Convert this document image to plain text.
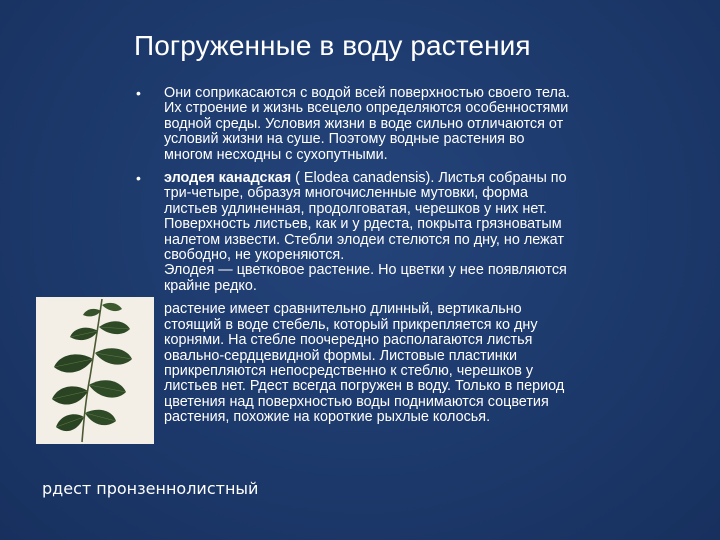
Погруженные в воду растения
• Они соприкасаются с водой всей поверхностью своего тела.
Их строение и жизнь всецело определяются особенностями
водной среды. Условия жизни в воде сильно отличаются от
условий жизни на суше. Поэтому водные растения во
многом несходны с сухопутными.
• элодея канадская ( Elodea canadensis). Листья собраны по
три-четыре, образуя многочисленные мутовки, форма
листьев удлиненная, продолговатая, черешков у них нет.
Поверхность листьев, как и у рдеста, покрыта грязноватым
налетом извести. Стебли элодеи стелются по дну, но лежат
свободно, не укореняются.
Элодея — цветковое растение. Но цветки у нее появляются
крайне редко.
растение имеет сравнительно длинный, вертикально
стоящий в воде стебель, который прикрепляется ко дну
корнями. На стебле поочередно располагаются листья
овально-сердцевидной формы. Листовые пластинки
прикрепляются непосредственно к стеблю, черешков у
листьев нет. Рдест всегда погружен в воду. Только в период
цветения над поверхностью воды поднимаются соцветия
растения, похожие на короткие рыхлые колосья.
рдест пронзеннолистный
